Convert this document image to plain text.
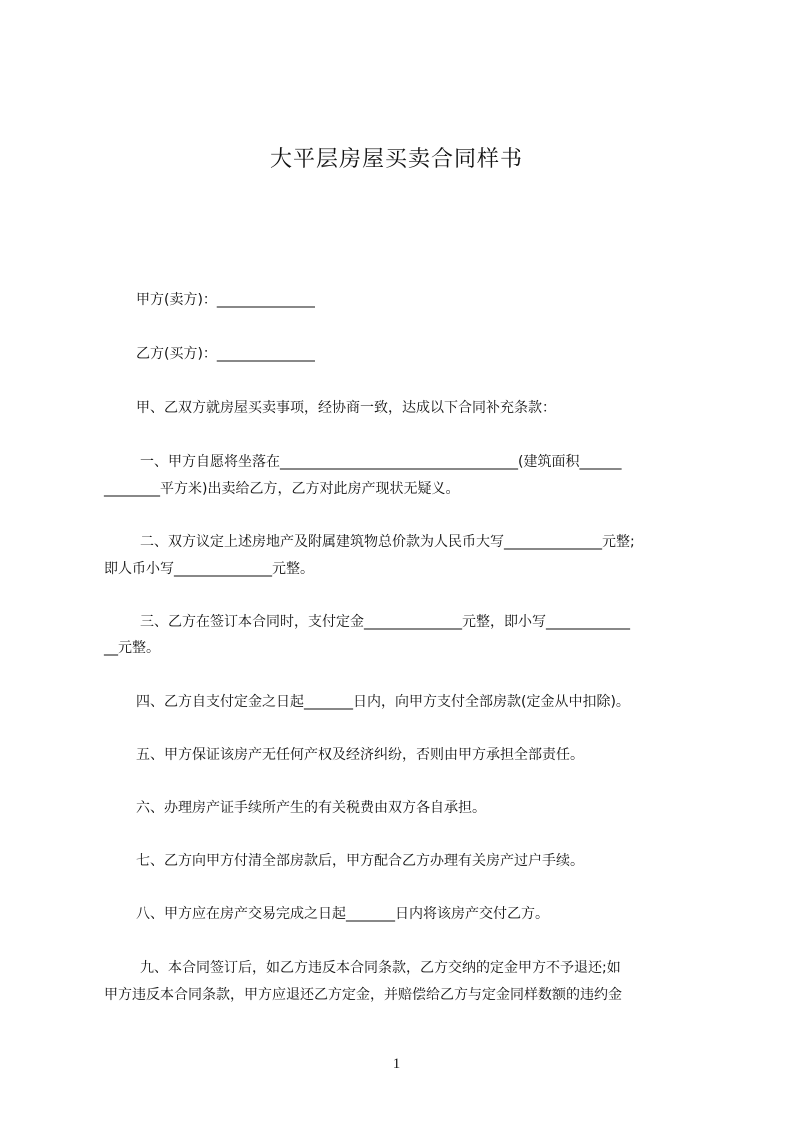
大平层房屋买卖合同样书
甲方(卖方)：______________
乙方(买方)：______________
甲、乙双方就房屋买卖事项，经协商一致，达成以下合同补充条款：
一、甲方自愿将坐落在__________________________________(建筑面积______
________平方米)出卖给乙方，乙方对此房产现状无疑义。
二、双方议定上述房地产及附属建筑物总价款为人民币大写______________元整;
即人币小写______________元整。
三、乙方在签订本合同时，支付定金______________元整，即小写____________
__元整。
四、乙方自支付定金之日起_______日内，向甲方支付全部房款(定金从中扣除)。
五、甲方保证该房产无任何产权及经济纠纷，否则由甲方承担全部责任。
六、办理房产证手续所产生的有关税费由双方各自承担。
七、乙方向甲方付清全部房款后，甲方配合乙方办理有关房产过户手续。
八、甲方应在房产交易完成之日起_______日内将该房产交付乙方。
九、本合同签订后，如乙方违反本合同条款，乙方交纳的定金甲方不予退还;如
甲方违反本合同条款，甲方应退还乙方定金，并赔偿给乙方与定金同样数额的违约金
1
